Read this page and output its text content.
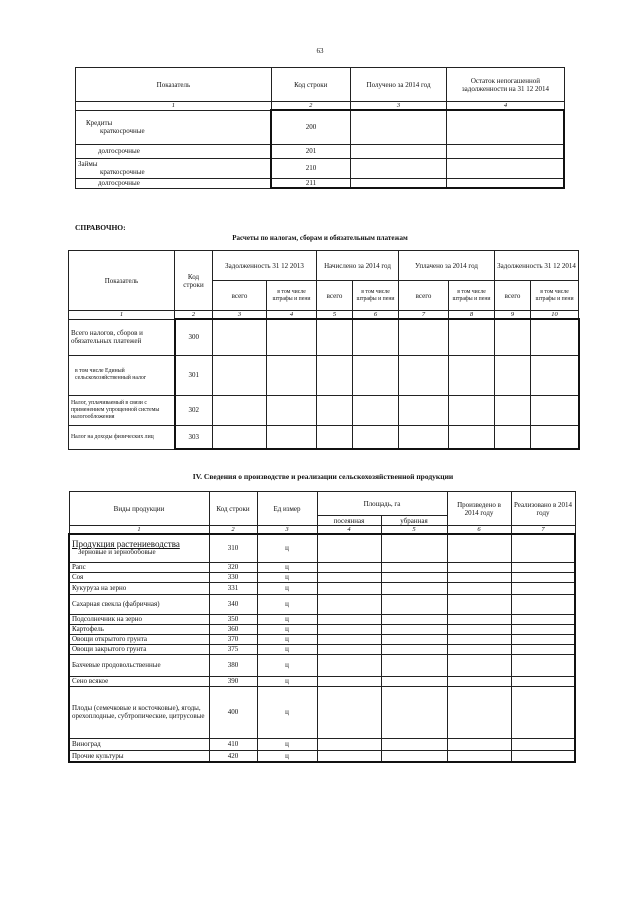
63
Показатель	Код строки	Получено за 2014 год	Остаток непогашенной задолженности на 31 12 2014
1	2	3	4

Кредиты
краткосрочные	200		
долгосрочные	201		

Займы
краткосрочные	210		
долгосрочные	211		
СПРАВОЧНО:
Расчеты по налогам, сборам и обязательным платежам
Показатель	Код строки	Задолженность 31 12 2013		Начислено за 2014 год		Уплачено за 2014 год		Задолженность 31 12 2014	
		всего	в том числе штрафы и пени	всего	в том числе штрафы и пени	всего	в том числе штрафы и пени	всего	в том числе штрафы и пени
1	2	3	4	5	6	7	8	9	10
Всего налогов, сборов и обязательных платежей	300								
в том числе Единый сельскохозяйственный налог	301								
Налог, уплачиваемый в связи с применением упрощенной системы налогообложения	302								
Налог на доходы физических лиц	303								
IV. Сведения о производстве и реализации сельскохозяйственной продукции
Виды продукции	Код строки	Ед измер	Площадь, га		Произведено в 2014 году	Реализовано в 2014 году
			посеянная	убранная		
1	2	3	4	5	6	7

Продукция растениеводства
Зерновые и зернобобовые	310	ц				

Рапс	320	ц				

Соя	330	ц				

Кукуруза на зерно	331	ц				

Сахарная свекла (фабричная)	340	ц				

Подсолнечник на зерно	350	ц				

Картофель	360	ц				

Овощи открытого грунта	370	ц				

Овощи закрытого грунта	375	ц				

Бахчевые продовольственные	380	ц				

Сено всякое	390	ц				

Плоды (семечковые и косточковые), ягоды, орехоплодные, субтропические, цитрусовые	400	ц				

Виноград	410	ц				

Прочие культуры	420	ц				
